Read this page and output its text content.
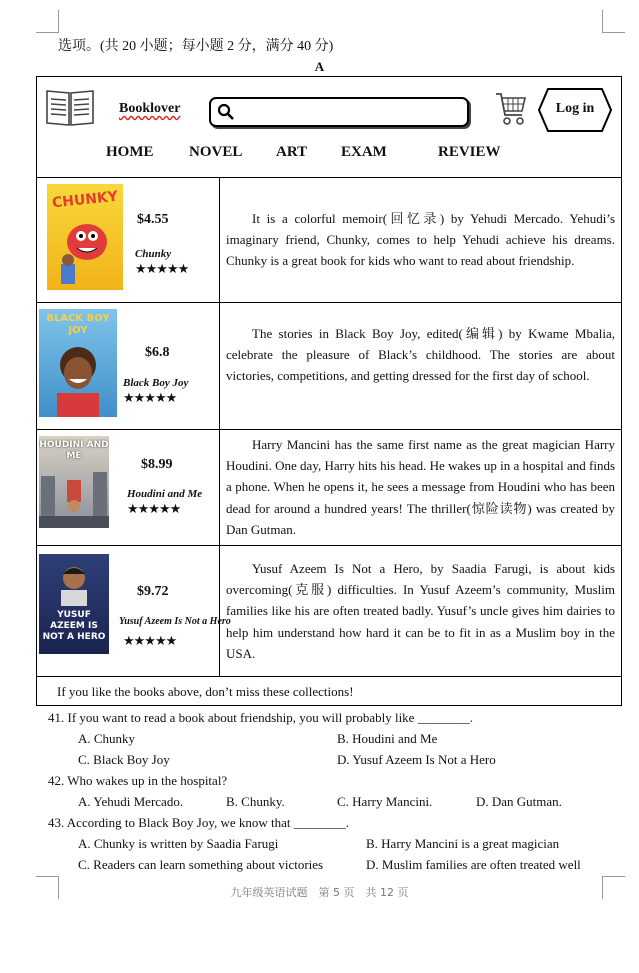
选项。(共 20 小题；每小题 2 分，满分 40 分)
A
Booklover	Log in
HOME NOVEL ART EXAM	REVIEW
CHUNKY
$4.55
Chunky
★★★★★

It is a colorful memoir(回忆录) by Yehudi Mercado. Yehudi’s imaginary friend, Chunky, comes to help Yehudi achieve his dreams. Chunky is a great book for kids who want to read about friendship.

BLACK BOY JOY
$6.8
Black Boy Joy
★★★★★

The stories in Black Boy Joy, edited(编辑) by Kwame Mbalia, celebrate the pleasure of Black’s childhood. The stories are about victories, competitions, and getting dressed for the first day of school.

HOUDINI AND ME
$8.99
Houdini and Me
★★★★★

Harry Mancini has the same first name as the great magician Harry Houdini. One day, Harry hits his head. He wakes up in a hospital and finds a phone. When he opens it, he sees a message from Houdini who has been dead for around a hundred years! The thriller(惊险读物) was created by Dan Gutman.

YUSUF AZEEM IS NOT A HERO
$9.72
Yusuf Azeem Is Not a Hero
★★★★★

Yusuf Azeem Is Not a Hero, by Saadia Farugi, is about kids overcoming(克服) difficulties. In Yusuf Azeem’s community, Muslim families like his are often treated badly. Yusuf’s uncle gives him dairies to help him understand how hard it can be to fit in as a Muslim boy in the USA.

If you like the books above, don’t miss these collections!
41. If you want to read a book about friendship, you will probably like ________.
A. Chunky	B. Houdini and Me
C. Black Boy Joy	D. Yusuf Azeem Is Not a Hero
42. Who wakes up in the hospital?
A. Yehudi Mercado.	B. Chunky.	C. Harry Mancini.	D. Dan Gutman.
43. According to Black Boy Joy, we know that ________.
A. Chunky is written by Saadia Farugi	B. Harry Mancini is a great magician
C. Readers can learn something about victories	D. Muslim families are often treated well
九年级英语试题　第 5 页　共 12 页
